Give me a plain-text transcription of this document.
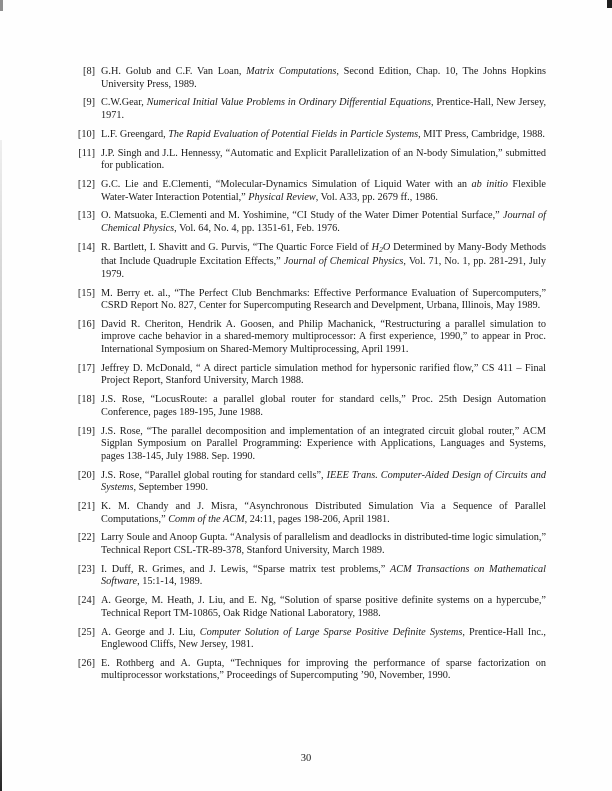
[8] G.H. Golub and C.F. Van Loan, Matrix Computations, Second Edition, Chap. 10, The Johns Hopkins University Press, 1989.
[9] C.W.Gear, Numerical Initial Value Problems in Ordinary Differential Equations, Prentice-Hall, New Jersey, 1971.
[10] L.F. Greengard, The Rapid Evaluation of Potential Fields in Particle Systems, MIT Press, Cambridge, 1988.
[11] J.P. Singh and J.L. Hennessy, “Automatic and Explicit Parallelization of an N-body Simulation,” submitted for publication.
[12] G.C. Lie and E.Clementi, “Molecular-Dynamics Simulation of Liquid Water with an ab initio Flexible Water-Water Interaction Potential,” Physical Review, Vol. A33, pp. 2679 ff., 1986.
[13] O. Matsuoka, E.Clementi and M. Yoshimine, “CI Study of the Water Dimer Potential Surface,” Journal of Chemical Physics, Vol. 64, No. 4, pp. 1351-61, Feb. 1976.
[14] R. Bartlett, I. Shavitt and G. Purvis, “The Quartic Force Field of $H_2O$ Determined by Many-Body Methods that Include Quadruple Excitation Effects,” Journal of Chemical Physics, Vol. 71, No. 1, pp. 281-291, July 1979.
[15] M. Berry et. al., “The Perfect Club Benchmarks: Effective Performance Evaluation of Supercomputers,” CSRD Report No. 827, Center for Supercomputing Research and Develpment, Urbana, Illinois, May 1989.
[16] David R. Cheriton, Hendrik A. Goosen, and Philip Machanick, “Restructuring a parallel simulation to improve cache behavior in a shared-memory multiprocessor: A first experience, 1990,” to appear in Proc. International Symposium on Shared-Memory Multiprocessing, April 1991.
[17] Jeffrey D. McDonald, “ A direct particle simulation method for hypersonic rarified flow,” CS 411 – Final Project Report, Stanford University, March 1988.
[18] J.S. Rose, “LocusRoute: a parallel global router for standard cells,” Proc. 25th Design Automation Conference, pages 189-195, June 1988.
[19] J.S. Rose, “The parallel decomposition and implementation of an integrated circuit global router,” ACM Sigplan Symposium on Parallel Programming: Experience with Applications, Languages and Systems, pages 138-145, July 1988. Sep. 1990.
[20] J.S. Rose, “Parallel global routing for standard cells”, IEEE Trans. Computer-Aided Design of Circuits and Systems, September 1990.
[21] K. M. Chandy and J. Misra, “Asynchronous Distributed Simulation Via a Sequence of Parallel Computations,” Comm of the ACM, 24:11, pages 198-206, April 1981.
[22] Larry Soule and Anoop Gupta. “Analysis of parallelism and deadlocks in distributed-time logic simulation,” Technical Report CSL-TR-89-378, Stanford University, March 1989.
[23] I. Duff, R. Grimes, and J. Lewis, “Sparse matrix test problems,” ACM Transactions on Mathematical Software, 15:1-14, 1989.
[24] A. George, M. Heath, J. Liu, and E. Ng, “Solution of sparse positive definite systems on a hypercube,” Technical Report TM-10865, Oak Ridge National Laboratory, 1988.
[25] A. George and J. Liu, Computer Solution of Large Sparse Positive Definite Systems, Prentice-Hall Inc., Englewood Cliffs, New Jersey, 1981.
[26] E. Rothberg and A. Gupta, “Techniques for improving the performance of sparse factorization on multiprocessor workstations,” Proceedings of Supercomputing ’90, November, 1990.
30
